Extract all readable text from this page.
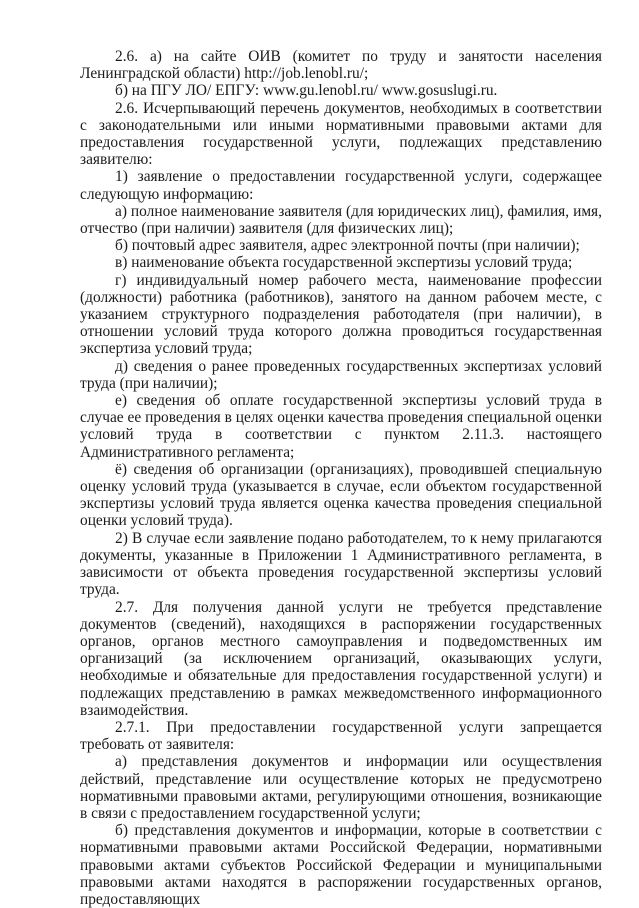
2.6. а) на сайте ОИВ (комитет по труду и занятости населения Ленинградской области) http://job.lenobl.ru/;

б) на ПГУ ЛО/ ЕПГУ: www.gu.lenobl.ru/ www.gosuslugi.ru.

2.6. Исчерпывающий перечень документов, необходимых в соответствии с законодательными или иными нормативными правовыми актами для предоставления государственной услуги, подлежащих представлению заявителю:

1) заявление о предоставлении государственной услуги, содержащее следующую информацию:

а) полное наименование заявителя (для юридических лиц), фамилия, имя, отчество (при наличии) заявителя (для физических лиц);

б) почтовый адрес заявителя, адрес электронной почты (при наличии);

в) наименование объекта государственной экспертизы условий труда;

г) индивидуальный номер рабочего места, наименование профессии (должности) работника (работников), занятого на данном рабочем месте, с указанием структурного подразделения работодателя (при наличии), в отношении условий труда которого должна проводиться государственная экспертиза условий труда;

д) сведения о ранее проведенных государственных экспертизах условий труда (при наличии);

е) сведения об оплате государственной экспертизы условий труда в случае ее проведения в целях оценки качества проведения специальной оценки условий труда в соответствии с пунктом 2.11.3. настоящего Административного регламента;

ё) сведения об организации (организациях), проводившей специальную оценку условий труда (указывается в случае, если объектом государственной экспертизы условий труда является оценка качества проведения специальной оценки условий труда).

2) В случае если заявление подано работодателем, то к нему прилагаются документы, указанные в Приложении 1 Административного регламента, в зависимости от объекта проведения государственной экспертизы условий труда.

2.7. Для получения данной услуги не требуется представление документов (сведений), находящихся в распоряжении государственных органов, органов местного самоуправления и подведомственных им организаций (за исключением организаций, оказывающих услуги, необходимые и обязательные для предоставления государственной услуги) и подлежащих представлению в рамках межведомственного информационного взаимодействия.

2.7.1. При предоставлении государственной услуги запрещается требовать от заявителя:

а) представления документов и информации или осуществления действий, представление или осуществление которых не предусмотрено нормативными правовыми актами, регулирующими отношения, возникающие в связи с предоставлением государственной услуги;

б) представления документов и информации, которые в соответствии с нормативными правовыми актами Российской Федерации, нормативными правовыми актами субъектов Российской Федерации и муниципальными правовыми актами находятся в распоряжении государственных органов, предоставляющих
